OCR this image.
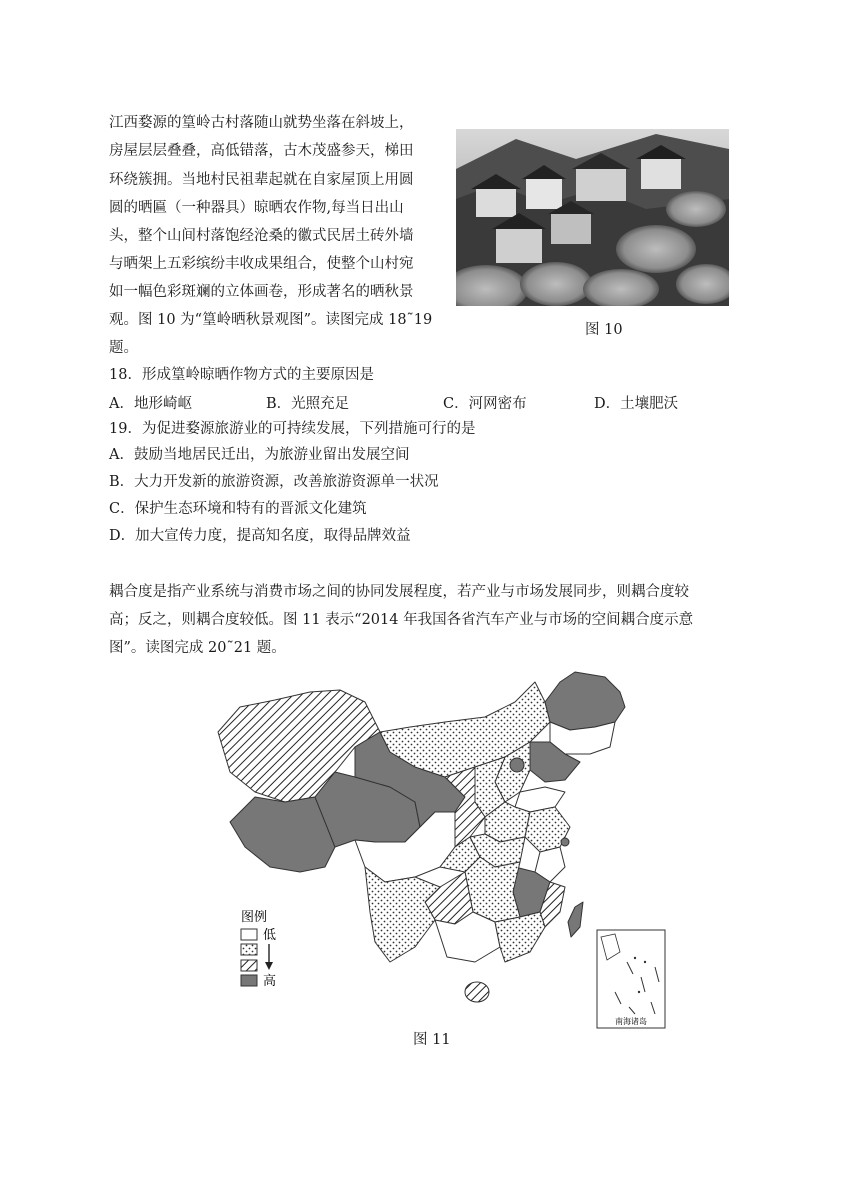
江西婺源的篁岭古村落随山就势坐落在斜坡上，
房屋层层叠叠，高低错落，古木茂盛参天，梯田
环绕簇拥。当地村民祖辈起就在自家屋顶上用圆
圆的晒匾（一种器具）晾晒农作物,每当日出山
头，整个山间村落饱经沧桑的徽式民居土砖外墙
与晒架上五彩缤纷丰收成果组合，使整个山村宛
如一幅色彩斑斓的立体画卷，形成著名的晒秋景
观。图 10 为“篁岭晒秋景观图”。读图完成 18˜19
题。
图 10
18．形成篁岭晾晒作物方式的主要原因是
A．地形崎岖	B．光照充足	C．河网密布	D．土壤肥沃
19．为促进婺源旅游业的可持续发展，下列措施可行的是
A．鼓励当地居民迁出，为旅游业留出发展空间
B．大力开发新的旅游资源，改善旅游资源单一状况
C．保护生态环境和特有的晋派文化建筑
D．加大宣传力度，提高知名度，取得品牌效益
耦合度是指产业系统与消费市场之间的协同发展程度，若产业与市场发展同步，则耦合度较
高；反之，则耦合度较低。图 11 表示“2014 年我国各省汽车产业与市场的空间耦合度示意
图”。读图完成 20˜21 题。
南海诸岛
图例
低
高
图 11
